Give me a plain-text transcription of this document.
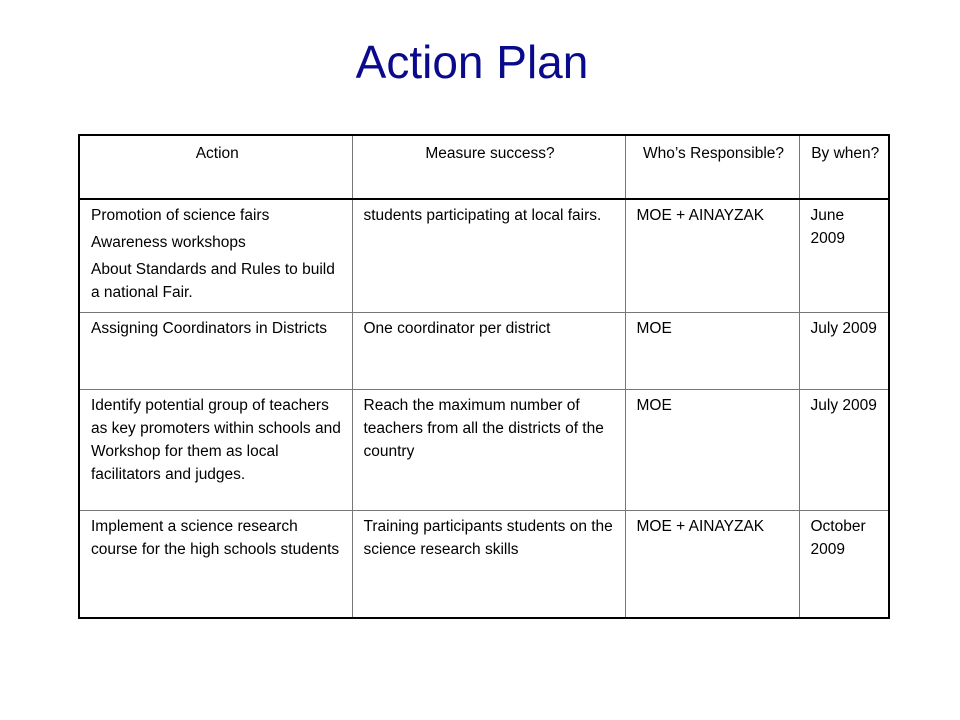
Action Plan
Action	Measure success?	Who’s Responsible?	By when?

Promotion of science fairs
Awareness workshops
About Standards and Rules to build a national Fair.	students participating at local fairs.	MOE + AINAYZAK	June 2009

Assigning Coordinators in Districts	One coordinator per district	MOE	July 2009

Identify potential group of teachers as key promoters within schools and Workshop for them as local facilitators and judges.	Reach the maximum number of teachers from all the districts of the country	MOE	July 2009

Implement a science research course for the high schools students	Training participants students on the science research skills	MOE + AINAYZAK	October 2009
